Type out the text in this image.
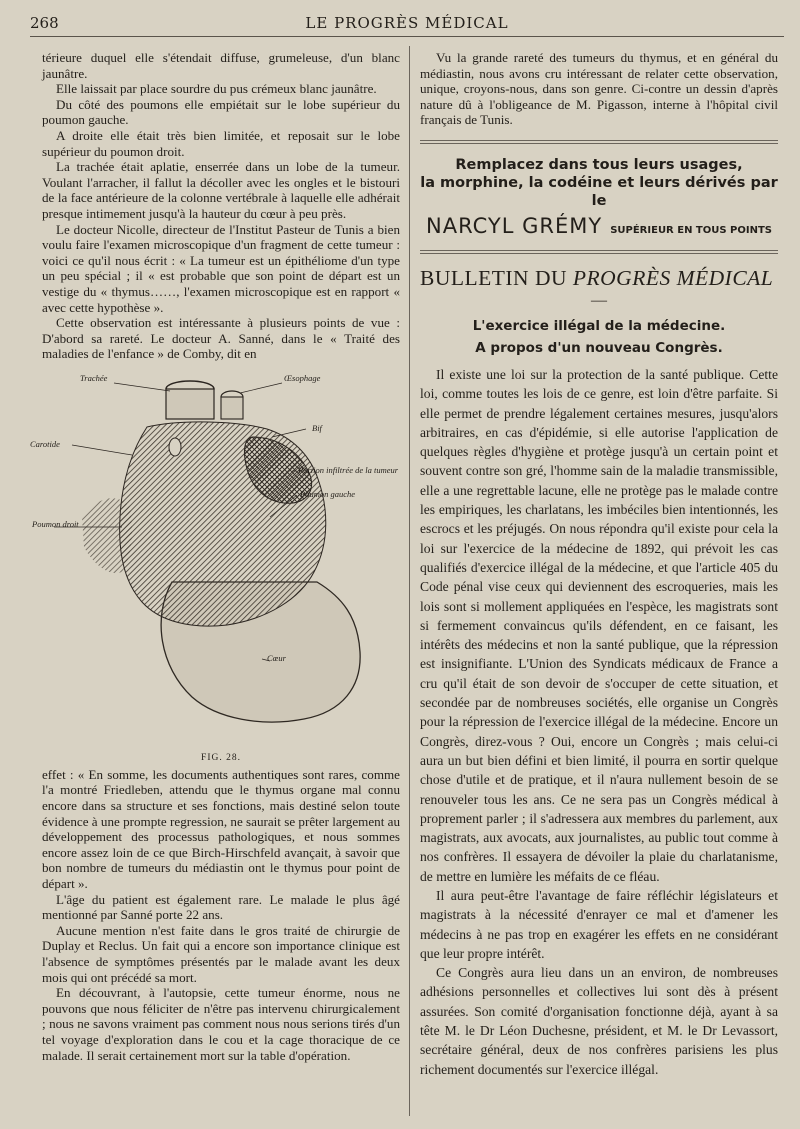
268	LE PROGRÈS MÉDICAL

térieure duquel elle s'étendait diffuse, grumeleuse, d'un blanc jaunâtre.

Elle laissait par place sourdre du pus crémeux blanc jaunâtre.

Du côté des poumons elle empiétait sur le lobe supérieur du poumon gauche.

A droite elle était très bien limitée, et reposait sur le lobe supérieur du poumon droit.

La trachée était aplatie, enserrée dans un lobe de la tumeur. Voulant l'arracher, il fallut la décoller avec les ongles et le bistouri de la face antérieure de la colonne vertébrale à laquelle elle adhérait presque intimement jusqu'à la hauteur du cœur à peu près.

Le docteur Nicolle, directeur de l'Institut Pasteur de Tunis a bien voulu faire l'examen microscopique d'un fragment de cette tumeur : voici ce qu'il nous écrit : « La tumeur est un épithéliome d'un type un peu spécial ; il « est probable que son point de départ est un vestige du « thymus……, l'examen microscopique est en rapport « avec cette hypothèse ».

Cette observation est intéressante à plusieurs points de vue : D'abord sa rareté. Le docteur A. Sanné, dans le « Traité des maladies de l'enfance » de Comby, dit en

Trachée	Œsophage
Bif
Carotide
Portion infiltrée de la tumeur
Poumon gauche
Poumon droit
Cœur
FIG. 28.

effet : « En somme, les documents authentiques sont rares, comme l'a montré Friedleben, attendu que le thymus organe mal connu encore dans sa structure et ses fonctions, mais destiné selon toute évidence à une prompte regression, ne saurait se prêter largement au développement des processus pathologiques, et nous sommes encore assez loin de ce que Birch-Hirschfeld avançait, à savoir que bon nombre de tumeurs du médiastin ont le thymus pour point de départ ».

L'âge du patient est également rare. Le malade le plus âgé mentionné par Sanné porte 22 ans.

Aucune mention n'est faite dans le gros traité de chirurgie de Duplay et Reclus. Un fait qui a encore son importance clinique est l'absence de symptômes présentés par le malade avant les deux mois qui ont précédé sa mort.

En découvrant, à l'autopsie, cette tumeur énorme, nous ne pouvons que nous féliciter de n'être pas intervenu chirurgicalement ; nous ne savons vraiment pas comment nous nous serions tirés d'un tel voyage d'exploration dans le cou et la cage thoracique de ce malade. Il serait certainement mort sur la table d'opération.

Vu la grande rareté des tumeurs du thymus, et en général du médiastin, nous avons cru intéressant de relater cette observation, unique, croyons-nous, dans son genre. Ci-contre un dessin d'après nature dû à l'obligeance de M. Pigasson, interne à l'hôpital civil français de Tunis.

Remplacez dans tous leurs usages,
la morphine, la codéine et leurs dérivés par le
NARCYL GRÉMY SUPÉRIEUR EN TOUS POINTS
BULLETIN DU PROGRÈS MÉDICAL
—
L'exercice illégal de la médecine.
A propos d'un nouveau Congrès.

Il existe une loi sur la protection de la santé publique. Cette loi, comme toutes les lois de ce genre, est loin d'être parfaite. Si elle permet de prendre légalement certaines mesures, jusqu'alors arbitraires, en cas d'épidémie, si elle autorise l'application de quelques règles d'hygiène et protège jusqu'à un certain point et souvent contre son gré, l'homme sain de la maladie transmissible, elle a une regrettable lacune, elle ne protège pas le malade contre les empiriques, les charlatans, les imbéciles bien intentionnés, les escrocs et les préjugés. On nous répondra qu'il existe pour cela la loi sur l'exercice de la médecine de 1892, qui prévoit les cas qualifiés d'exercice illégal de la médecine, et que l'article 405 du Code pénal vise ceux qui deviennent des escroqueries, mais les lois sont si mollement appliquées en l'espèce, les magistrats sont si fermement convaincus qu'ils défendent, en ce faisant, les intérêts des médecins et non la santé publique, que la répression est insignifiante. L'Union des Syndicats médicaux de France a cru qu'il était de son devoir de s'occuper de cette situation, et secondée par de nombreuses sociétés, elle organise un Congrès pour la répression de l'exercice illégal de la médecine. Encore un Congrès, direz-vous ? Oui, encore un Congrès ; mais celui-ci aura un but bien défini et bien limité, il pourra en sortir quelque chose d'utile et de pratique, et il n'aura nullement besoin de se renouveler tous les ans. Ce ne sera pas un Congrès médical à proprement parler ; il s'adressera aux membres du parlement, aux magistrats, aux avocats, aux journalistes, au public tout comme à nos confrères. Il essayera de dévoiler la plaie du charlatanisme, de mettre en lumière les méfaits de ce fléau.

Il aura peut-être l'avantage de faire réfléchir législateurs et magistrats à la nécessité d'enrayer ce mal et d'amener les médecins à ne pas trop en exagérer les effets en ne considérant que leur propre intérêt.

Ce Congrès aura lieu dans un an environ, de nombreuses adhésions personnelles et collectives lui sont dès à présent assurées. Son comité d'organisation fonctionne déjà, ayant à sa tête M. le Dr Léon Duchesne, président, et M. le Dr Levassort, secrétaire général, deux de nos confrères parisiens les plus richement documentés sur l'exercice illégal.
